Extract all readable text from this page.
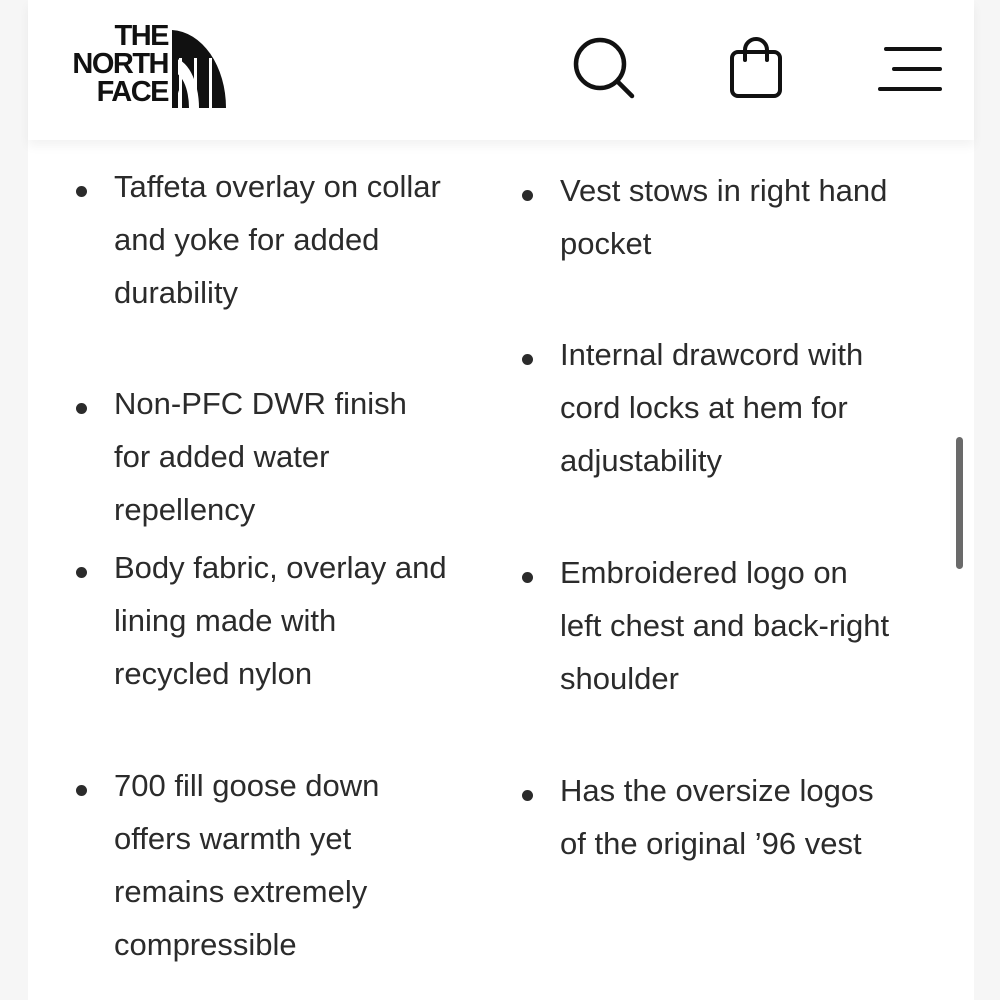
THE
NORTH
FACE
Taffeta overlay on collar and yoke for added durability
Non-PFC DWR finish for added water repellency
Body fabric, overlay and lining made with recycled nylon
700 fill goose down offers warmth yet remains extremely compressible
Vest stows in right hand pocket
Internal drawcord with cord locks at hem for adjustability
Embroidered logo on left chest and back-right shoulder
Has the oversize logos of the original ’96 vest
